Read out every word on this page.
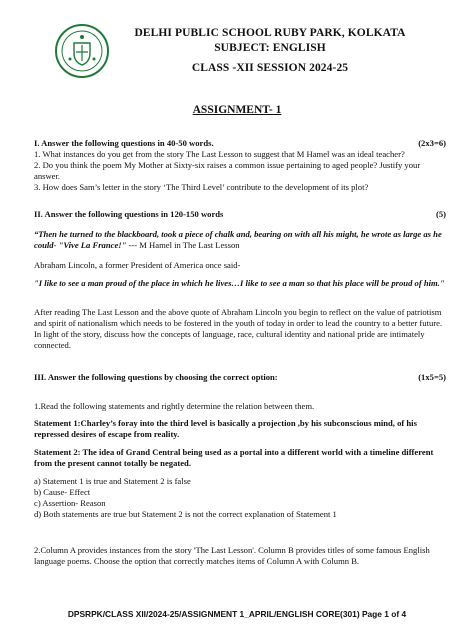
DELHI PUBLIC SCHOOL RUBY PARK, KOLKATA
SUBJECT: ENGLISH
CLASS -XII SESSION 2024-25
ASSIGNMENT- 1
I. Answer the following questions in 40-50 words.	(2x3=6)

1. What instances do you get from the story The Last Lesson to suggest that M Hamel was an ideal teacher?

2. Do you think the poem My Mother at Sixty-six raises a common issue pertaining to aged people? Justify your answer.

3. How does Sam’s letter in the story ‘The Third Level’ contribute to the development of its plot?

II. Answer the following questions in 120-150 words	(5)
“Then he turned to the blackboard, took a piece of chalk and, bearing on with all his might, he wrote as large as he could- "Vive La France!" --- M Hamel in The Last Lesson
Abraham Lincoln, a former President of America once said-
"I like to see a man proud of the place in which he lives…I like to see a man so that his place will be proud of him."
After reading The Last Lesson and the above quote of Abraham Lincoln you begin to reflect on the value of patriotism and spirit of nationalism which needs to be fostered in the youth of today in order to lead the country to a better future. In light of the story, discuss how the concepts of language, race, cultural identity and national pride are intimately connected.
III. Answer the following questions by choosing the correct option:	(1x5=5)
1.Read the following statements and rightly determine the relation between them.
Statement 1:Charley’s foray into the third level is basically a projection ,by his subconscious mind, of his repressed desires of escape from reality.
Statement 2: The idea of Grand Central being used as a portal into a different world with a timeline different from the present cannot totally be negated.

a) Statement 1 is true and Statement 2 is false

b) Cause- Effect

c) Assertion- Reason

d) Both statements are true but Statement 2 is not the correct explanation of Statement 1

2.Column A provides instances from the story 'The Last Lesson'. Column B provides titles of some famous English language poems. Choose the option that correctly matches items of Column A with Column B.
DPSRPK/CLASS XII/2024-25/ASSIGNMENT 1_APRIL/ENGLISH CORE(301) Page 1 of 4
